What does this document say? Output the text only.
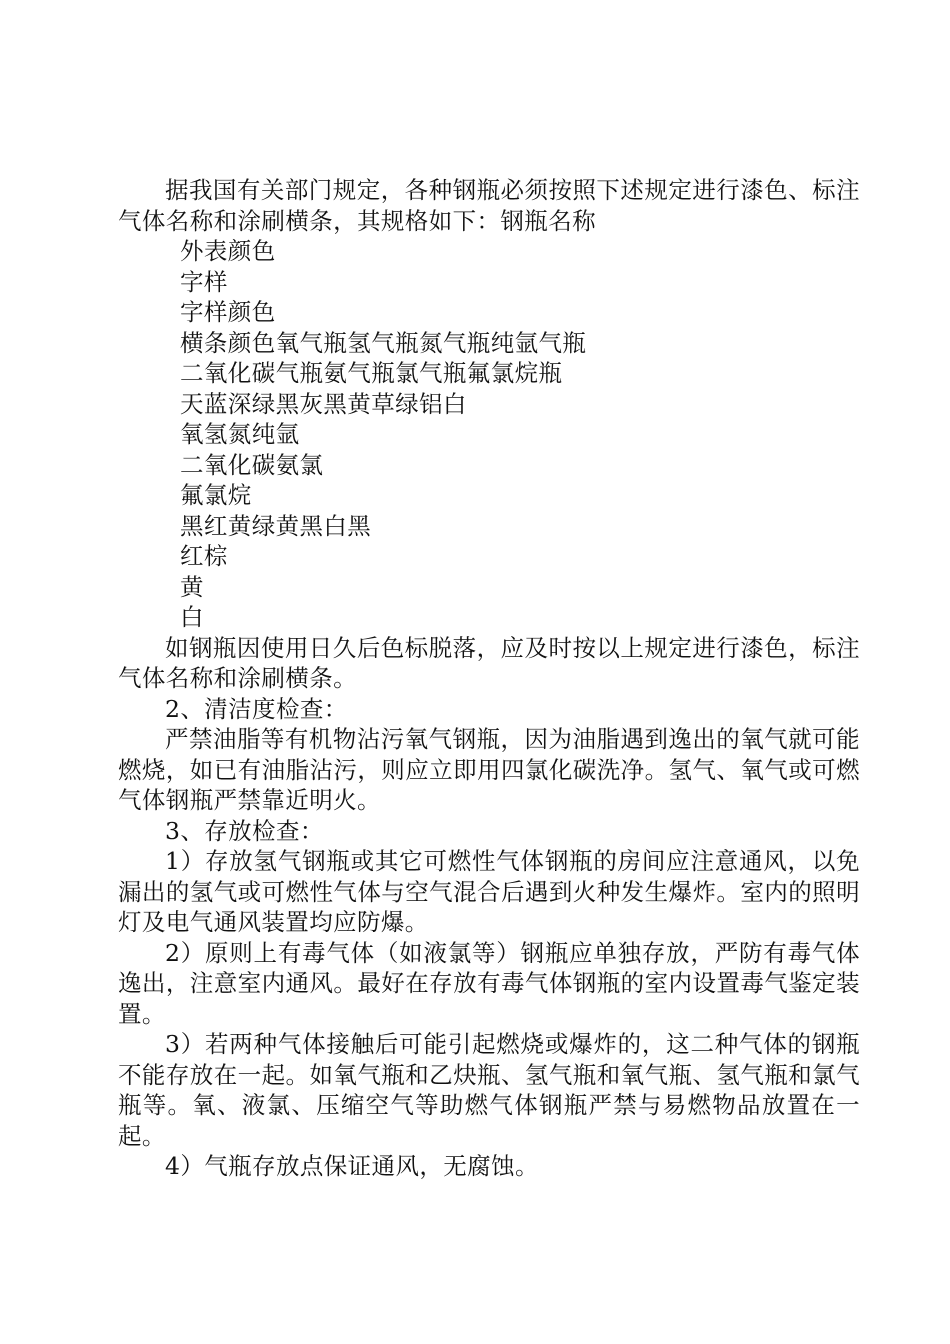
据我国有关部门规定，各种钢瓶必须按照下述规定进行漆色、标注气体名称和涂刷横条，其规格如下：钢瓶名称

外表颜色

字样

字样颜色

横条颜色氧气瓶氢气瓶氮气瓶纯氩气瓶

二氧化碳气瓶氨气瓶氯气瓶氟氯烷瓶

天蓝深绿黑灰黑黄草绿铝白

氧氢氮纯氩

二氧化碳氨氯

氟氯烷

黑红黄绿黄黑白黑

红棕

黄

白

如钢瓶因使用日久后色标脱落，应及时按以上规定进行漆色，标注气体名称和涂刷横条。

2、清洁度检查：

严禁油脂等有机物沾污氧气钢瓶，因为油脂遇到逸出的氧气就可能燃烧，如已有油脂沾污，则应立即用四氯化碳洗净。氢气、氧气或可燃气体钢瓶严禁靠近明火。

3、存放检查：

1）存放氢气钢瓶或其它可燃性气体钢瓶的房间应注意通风，以免漏出的氢气或可燃性气体与空气混合后遇到火种发生爆炸。室内的照明灯及电气通风装置均应防爆。

2）原则上有毒气体（如液氯等）钢瓶应单独存放，严防有毒气体逸出，注意室内通风。最好在存放有毒气体钢瓶的室内设置毒气鉴定装置。

3）若两种气体接触后可能引起燃烧或爆炸的，这二种气体的钢瓶不能存放在一起。如氧气瓶和乙炔瓶、氢气瓶和氧气瓶、氢气瓶和氯气瓶等。氧、液氯、压缩空气等助燃气体钢瓶严禁与易燃物品放置在一起。

4）气瓶存放点保证通风，无腐蚀。
